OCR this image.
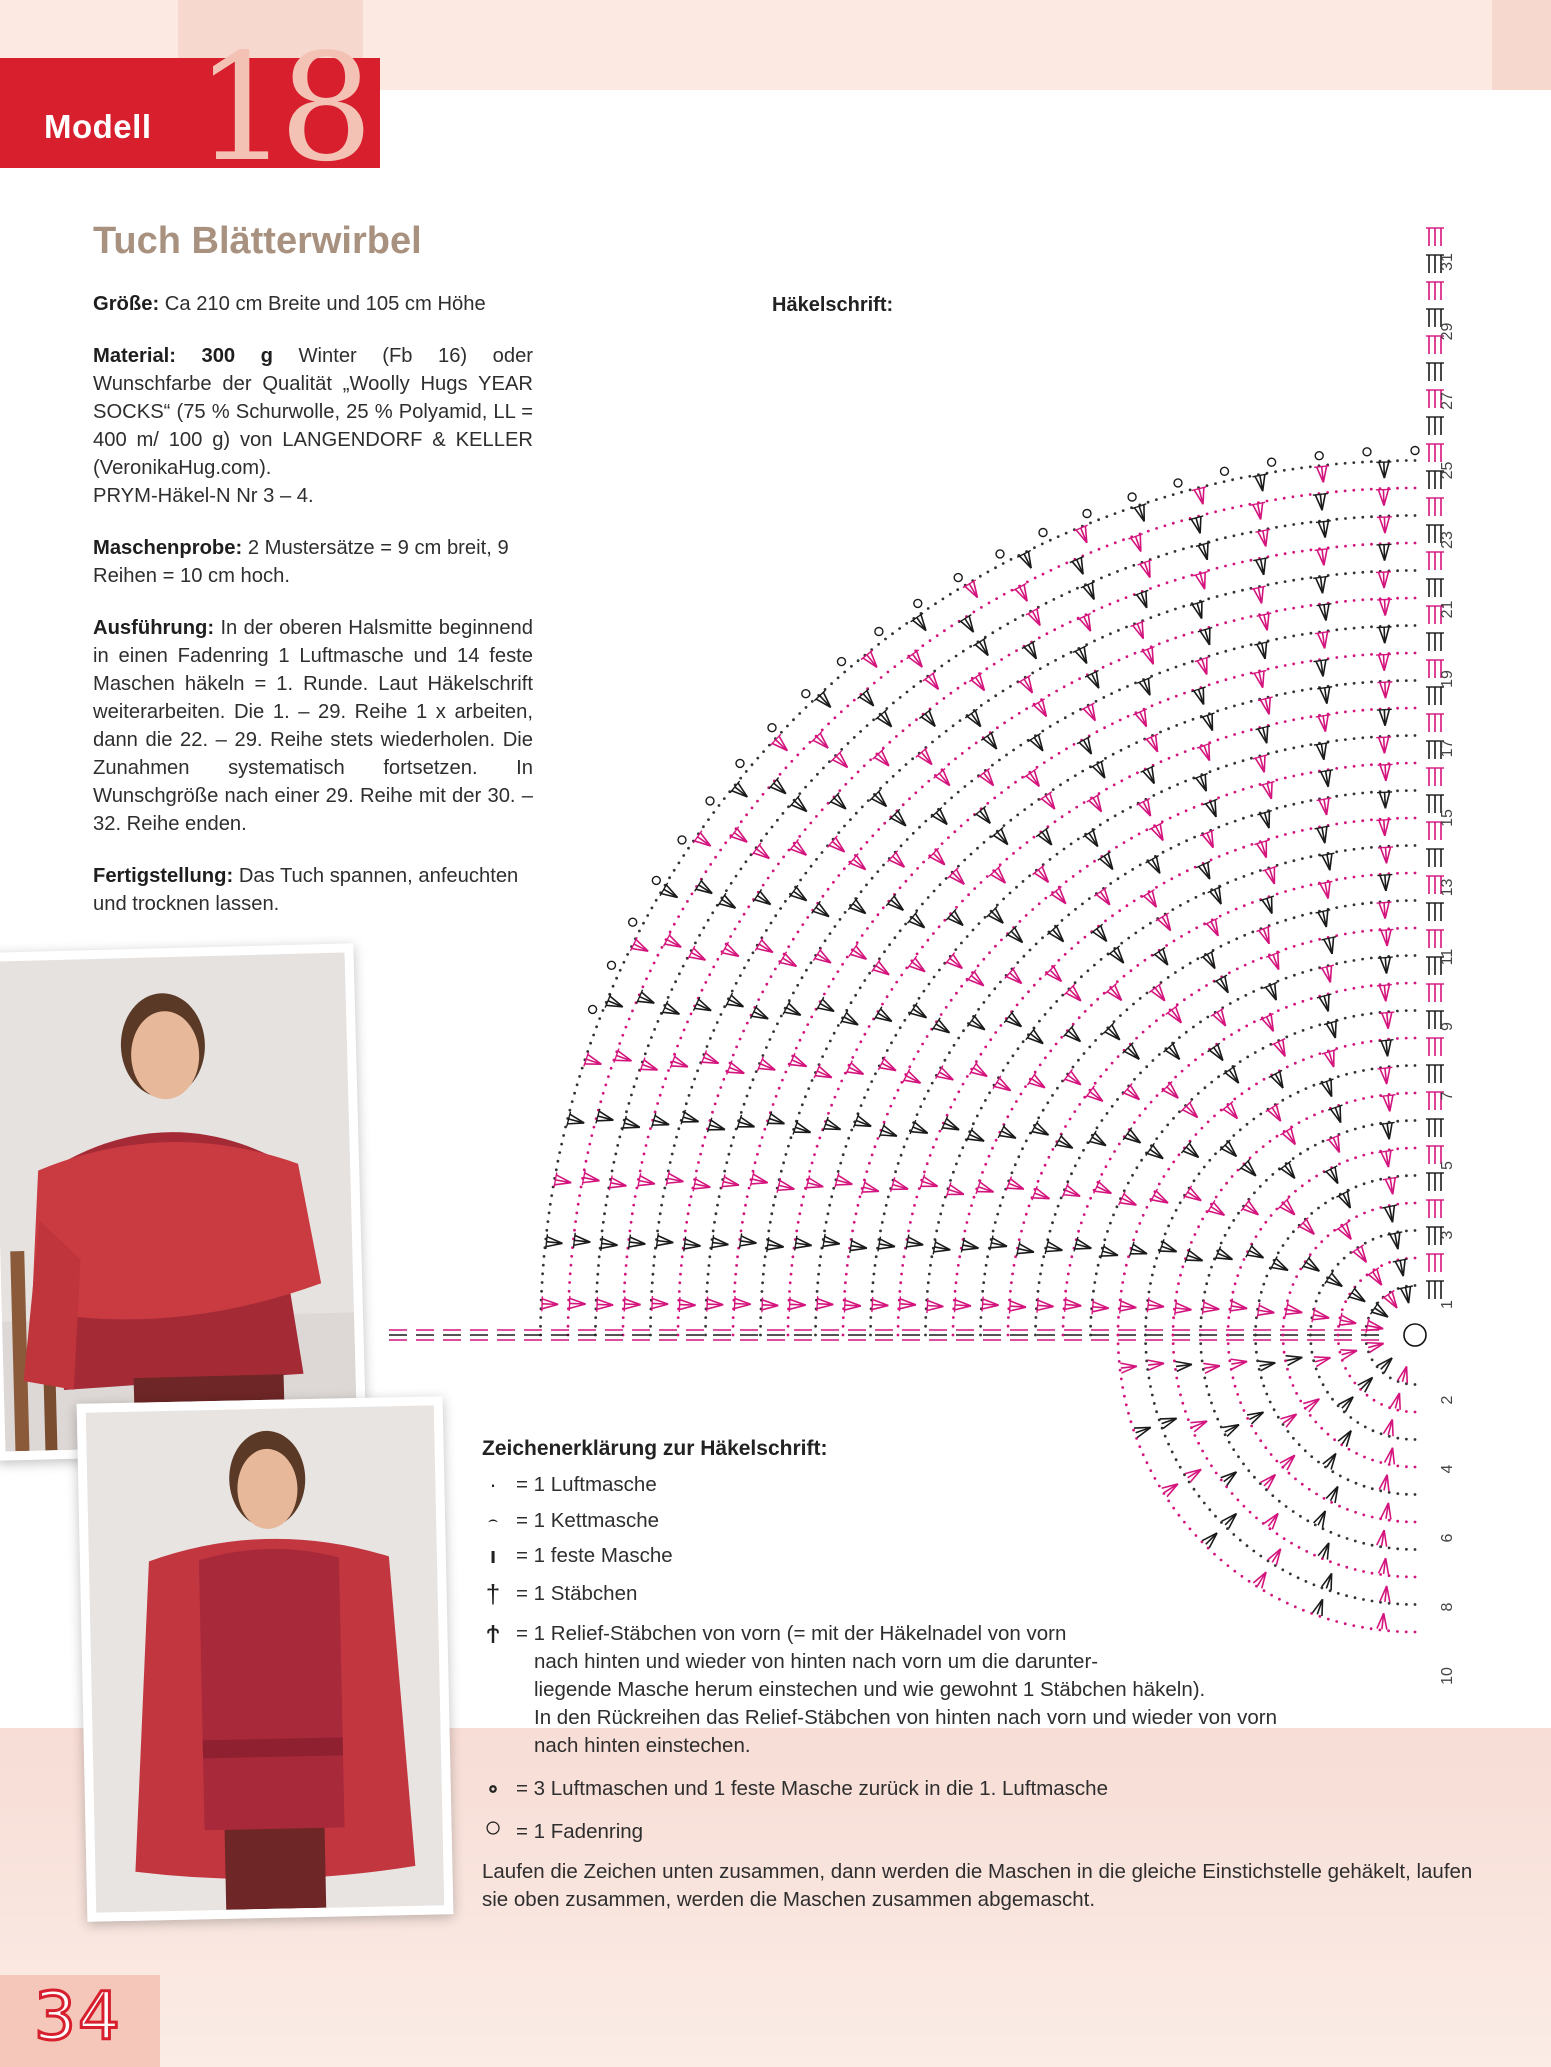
Modell 18
Tuch Blätterwirbel

Größe: Ca 210 cm Breite und 105 cm Höhe

Material: 300 g Winter (Fb 16) oder Wunschfarbe der Qualität „Woolly Hugs YEAR SOCKS“ (75 % Schurwolle, 25 % Polyamid, LL = 400 m/ 100 g) von LANGENDORF & KELLER (VeronikaHug.com).
PRYM-Häkel-N Nr 3 – 4.

Maschenprobe: 2 Mustersätze = 9 cm breit, 9 Reihen = 10 cm hoch.

Ausführung: In der oberen Halsmitte beginnend in einen Fadenring 1 Luftmasche und 14 feste Maschen häkeln = 1. Runde. Laut Häkelschrift weiterarbeiten. Die 1. – 29. Reihe 1 x arbeiten, dann die 22. – 29. Reihe stets wiederholen. Die Zunahmen systematisch fortsetzen. In Wunschgröße nach einer 29. Reihe mit der 30. – 32. Reihe enden.

Fertigstellung: Das Tuch spannen, anfeuchten und trocknen lassen.

Häkelschrift:
31
29
27
25
23
21
19
17
15
13
11
9
7
5
3
1
2
4
6
8
10
Zeichenerklärung zur Häkelschrift:
· = 1 Luftmasche
⌢ = 1 Kettmasche
ı = 1 feste Masche
† = 1 Stäbchen
Ϯ = 1 Relief-Stäbchen von vorn (= mit der Häkelnadel von vorn
nach hinten und wieder von hinten nach vorn um die darunter-
liegende Masche herum einstechen und wie gewohnt 1 Stäbchen häkeln).
In den Rückreihen das Relief-Stäbchen von hinten nach vorn und wieder von vorn
nach hinten einstechen.
∘ = 3 Luftmaschen und 1 feste Masche zurück in die 1. Luftmasche
○ = 1 Fadenring
Laufen die Zeichen unten zusammen, dann werden die Maschen in die gleiche Einstichstelle gehäkelt, laufen sie oben zusammen, werden die Maschen zusammen abgemascht.
34
